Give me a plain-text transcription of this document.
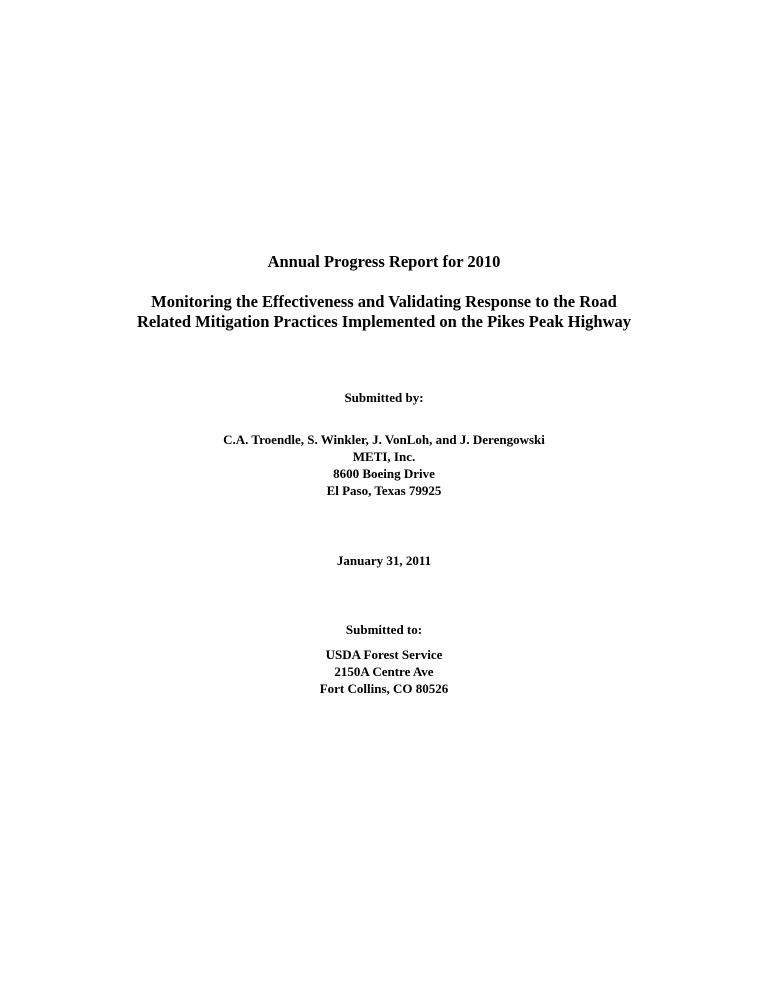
Annual Progress Report for 2010
Monitoring the Effectiveness and Validating Response to the Road
Related Mitigation Practices Implemented on the Pikes Peak Highway
Submitted by:
C.A. Troendle, S. Winkler, J. VonLoh, and J. Derengowski
METI, Inc.
8600 Boeing Drive
El Paso, Texas 79925
January 31, 2011
Submitted to:
USDA Forest Service
2150A Centre Ave
Fort Collins, CO 80526
